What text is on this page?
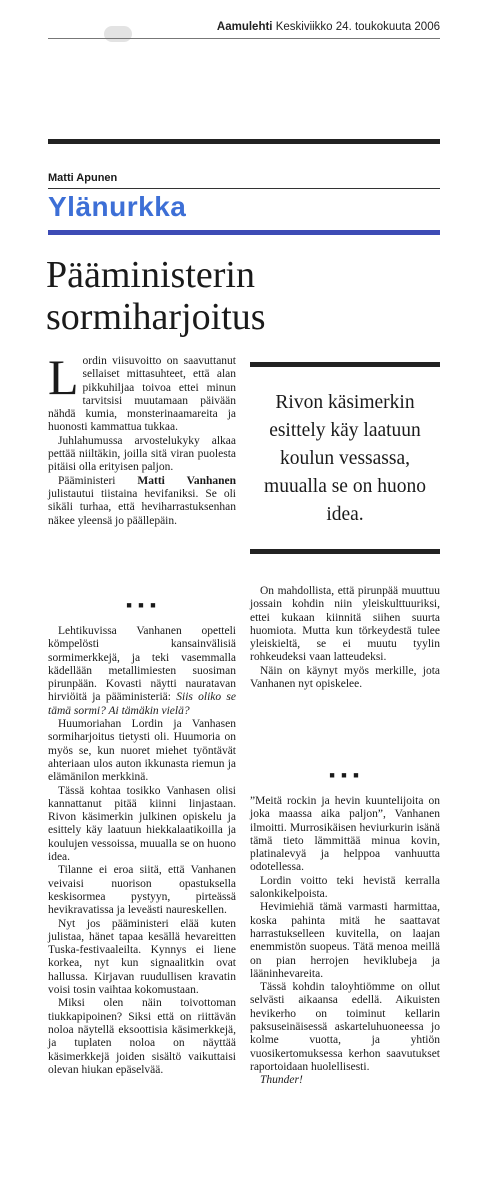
Aamulehti Keskiviikko 24. toukokuuta 2006
Matti Apunen
Ylänurkka
Pääministerin sormiharjoitus

Lordin viisuvoitto on saavuttanut sellaiset mittasuhteet, että alan pikkuhiljaa toivoa ettei minun tarvitsisi muutamaan päivään nähdä kumia, monsterinaamareita ja huonosti kammattua tukkaa.

Juhlahumussa arvostelukyky alkaa pettää niiltäkin, joilla sitä viran puolesta pitäisi olla erityisen paljon.

Pääministeri Matti Vanhanen julistautui tiistaina hevifaniksi. Se oli sikäli turhaa, että heviharrastuksenhan näkee yleensä jo päällepäin.

■ ■ ■

Lehtikuvissa Vanhanen opetteli kömpelösti kansainvälisiä sormimerkkejä, ja teki vasemmalla kädellään metallimiesten suosiman pirunpään. Kovasti näytti nauratavan hirviöitä ja pääministeriä: Siis oliko se tämä sormi? Ai tämäkin vielä?

Huumoriahan Lordin ja Vanhasen sormiharjoitus tietysti oli. Huumoria on myös se, kun nuoret miehet työntävät ahteriaan ulos auton ikkunasta riemun ja elämänilon merkkinä.

Tässä kohtaa tosikko Vanhasen olisi kannattanut pitää kiinni linjastaan. Rivon käsimerkin julkinen opiskelu ja esittely käy laatuun hiekkalaatikoilla ja koulujen vessoissa, muualla se on huono idea.

Tilanne ei eroa siitä, että Vanhanen veivaisi nuorison opastuksella keskisormea pystyyn, pirteässä hevikravatissa ja leveästi naureskellen.

Nyt jos pääministeri elää kuten julistaa, hänet tapaa kesällä hevareitten Tuska-festivaaleilta. Kynnys ei liene korkea, nyt kun signaalitkin ovat hallussa. Kirjavan ruudullisen kravatin voisi tosin vaihtaa kokomustaan.

Miksi olen näin toivottoman tiukkapipoinen? Siksi että on riittävän noloa näytellä eksoottisia käsimerkkejä, ja tuplaten noloa on näyttää käsimerkkejä joiden sisältö vaikuttaisi olevan hiukan epäselvää.

Rivon käsimerkin esittely käy laatuun koulun vessassa, muualla se on huono idea.

On mahdollista, että pirunpää muuttuu jossain kohdin niin yleiskulttuuriksi, ettei kukaan kiinnitä siihen suurta huomiota. Mutta kun törkeydestä tulee yleiskieltä, se ei muutu tyylin rohkeudeksi vaan latteudeksi.

Näin on käynyt myös merkille, jota Vanhanen nyt opiskelee.

■ ■ ■

”Meitä rockin ja hevin kuuntelijoita on joka maassa aika paljon”, Vanhanen ilmoitti. Murrosikäisen heviurkurin isänä tämä tieto lämmittää minua kovin, platinalevyä ja helppoa vanhuutta odotellessa.

Lordin voitto teki hevistä kerralla salonkikelpoista.

Hevimiehiä tämä varmasti harmittaa, koska pahinta mitä he saattavat harrastukselleen kuvitella, on laajan enemmistön suopeus. Tätä menoa meillä on pian herrojen heviklubeja ja lääninhevareita.

Tässä kohdin taloyhtiömme on ollut selvästi aikaansa edellä. Aikuisten hevikerho on toiminut kellarin paksuseinäisessä askarteluhuoneessa jo kolme vuotta, ja yhtiön vuosikertomuksessa kerhon saavutukset raportoidaan huolellisesti.

Thunder!
